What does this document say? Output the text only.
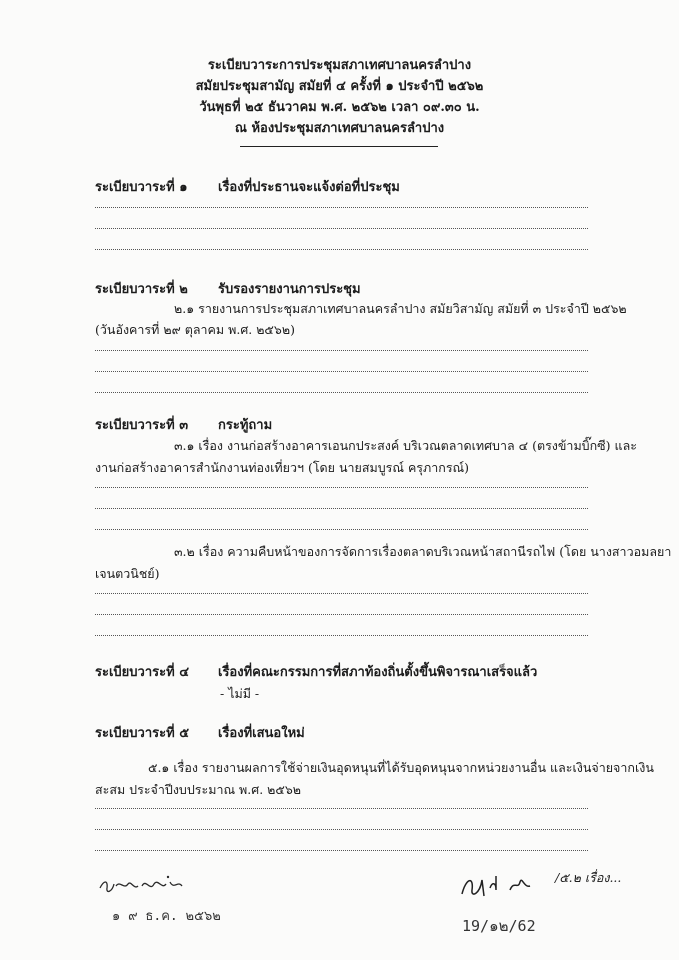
ระเบียบวาระการประชุมสภาเทศบาลนครลำปาง
สมัยประชุมสามัญ สมัยที่ ๔ ครั้งที่ ๑ ประจำปี ๒๕๖๒
วันพุธที่ ๒๕ ธันวาคม พ.ศ. ๒๕๖๒ เวลา ๐๙.๓๐ น.
ณ ห้องประชุมสภาเทศบาลนครลำปาง
ระเบียบวาระที่ ๑ เรื่องที่ประธานจะแจ้งต่อที่ประชุม
ระเบียบวาระที่ ๒ รับรองรายงานการประชุม
๒.๑ รายงานการประชุมสภาเทศบาลนครลำปาง สมัยวิสามัญ สมัยที่ ๓ ประจำปี ๒๕๖๒
(วันอังคารที่ ๒๙ ตุลาคม พ.ศ. ๒๕๖๒)
ระเบียบวาระที่ ๓ กระทู้ถาม
๓.๑ เรื่อง งานก่อสร้างอาคารเอนกประสงค์ บริเวณตลาดเทศบาล ๔ (ตรงข้ามบิ๊กซี) และ
งานก่อสร้างอาคารสำนักงานท่องเที่ยวฯ (โดย นายสมบูรณ์ ครุภากรณ์)
๓.๒ เรื่อง ความคืบหน้าของการจัดการเรื่องตลาดบริเวณหน้าสถานีรถไฟ (โดย นางสาวอมลยา
เจนตวนิชย์)
ระเบียบวาระที่ ๔ เรื่องที่คณะกรรมการที่สภาท้องถิ่นตั้งขึ้นพิจารณาเสร็จแล้ว
- ไม่มี -
ระเบียบวาระที่ ๕ เรื่องที่เสนอใหม่
๕.๑ เรื่อง รายงานผลการใช้จ่ายเงินอุดหนุนที่ได้รับอุดหนุนจากหน่วยงานอื่น และเงินจ่ายจากเงิน
สะสม ประจำปีงบประมาณ พ.ศ. ๒๕๖๒
๑ ๙ ธ.ค. ๒๕๖๒
/๕.๒ เรื่อง...
19/๑๒/62
